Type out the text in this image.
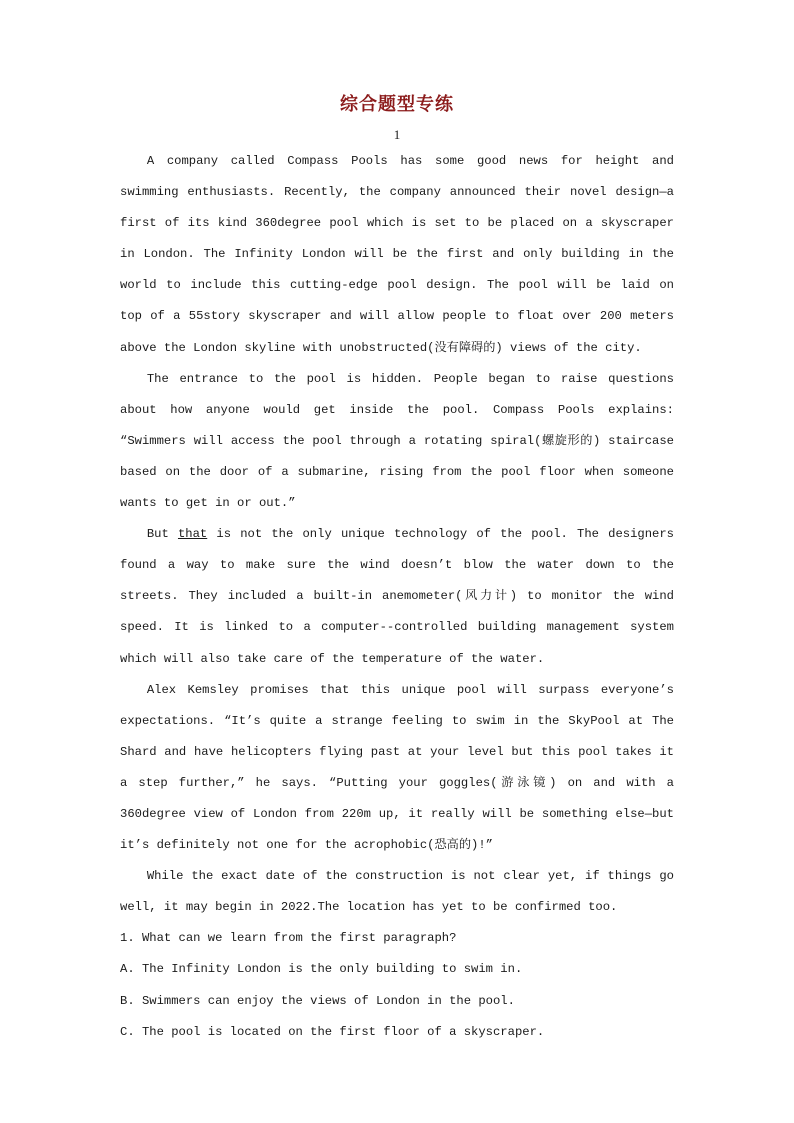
综合题型专练
1

A company called Compass Pools has some good news for height and swimming enthusiasts. Recently, the company announced their novel design—a first of its kind 360degree pool which is set to be placed on a skyscraper in London. The Infinity London will be the first and only building in the world to include this cutting-edge pool design. The pool will be laid on top of a 55story skyscraper and will allow people to float over 200 meters above the London skyline with unobstructed(没有障碍的) views of the city.

The entrance to the pool is hidden. People began to raise questions about how anyone would get inside the pool. Compass Pools explains: “Swimmers will access the pool through a rotating spiral(螺旋形的) staircase based on the door of a submarine, rising from the pool floor when someone wants to get in or out.”

But that is not the only unique technology of the pool. The designers found a way to make sure the wind doesn’t blow the water down to the streets. They included a built-in anemometer(风力计) to monitor the wind speed. It is linked to a computer--controlled building management system which will also take care of the temperature of the water.

Alex Kemsley promises that this unique pool will surpass everyone’s expectations. “It’s quite a strange feeling to swim in the SkyPool at The Shard and have helicopters flying past at your level but this pool takes it a step further,” he says. “Putting your goggles(游泳镜) on and with a 360degree view of London from 220m up, it really will be something else—but it’s definitely not one for the acrophobic(恐高的)!”

While the exact date of the construction is not clear yet, if things go well, it may begin in 2022.The location has yet to be confirmed too.

1. What can we learn from the first paragraph?

A. The Infinity London is the only building to swim in.

B. Swimmers can enjoy the views of London in the pool.

C. The pool is located on the first floor of a skyscraper.
